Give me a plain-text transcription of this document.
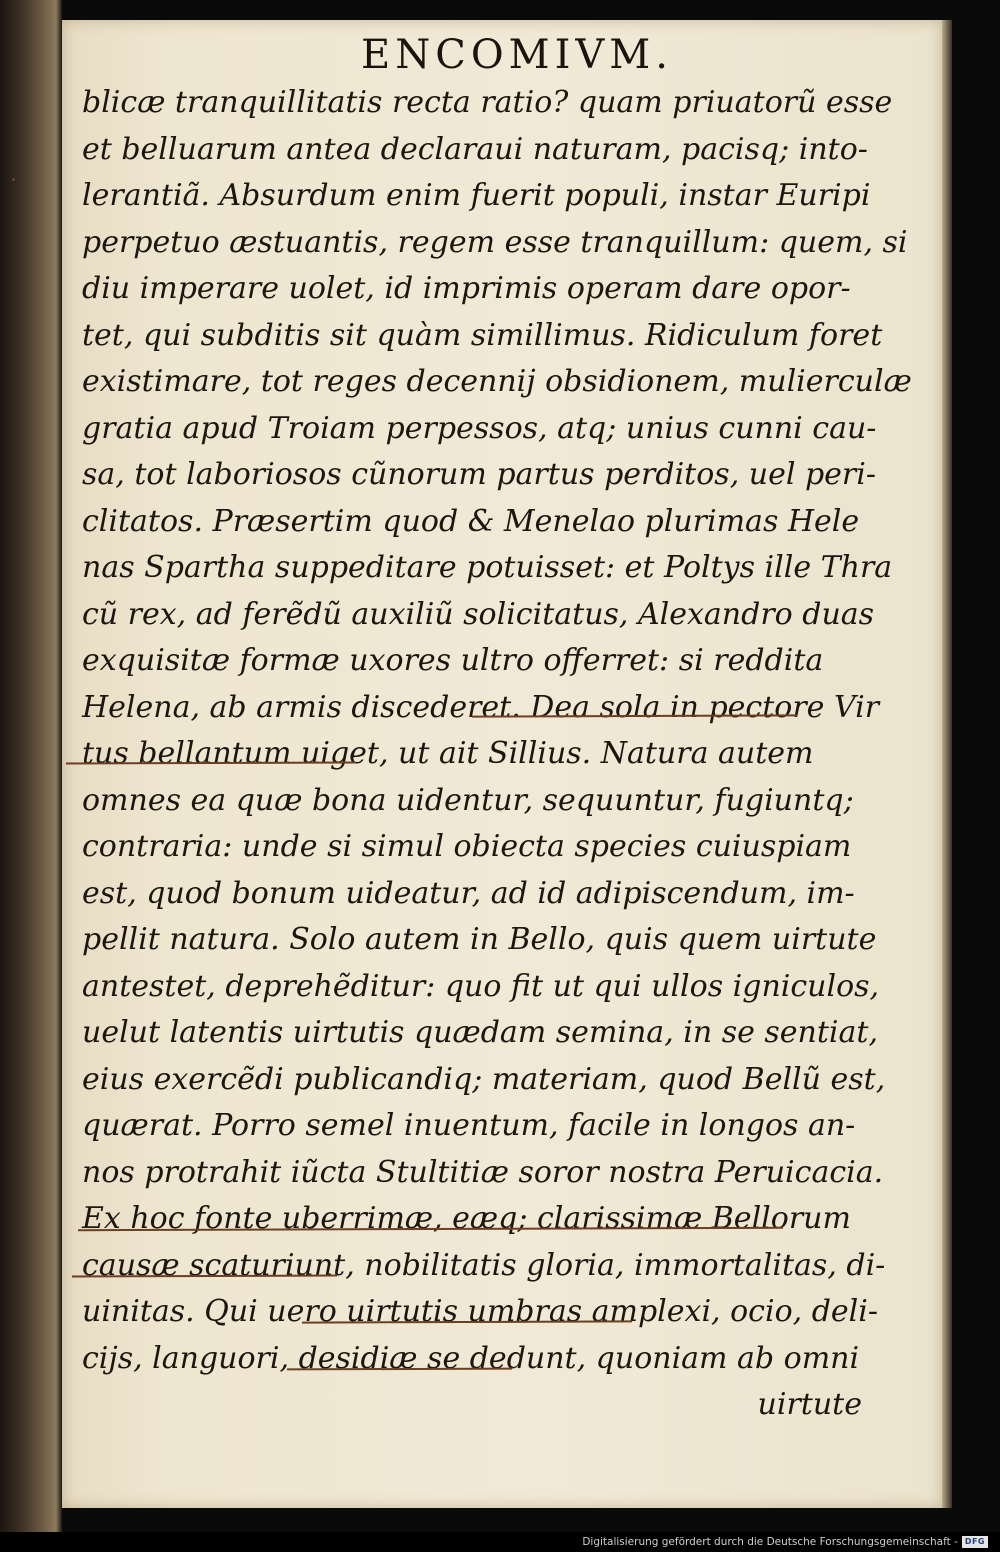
ENCOMIVM.
blicæ tranquillitatis recta ratio? quam priuatorũ esse
et belluarum antea declaraui naturam, pacisq; into-
lerantiã. Absurdum enim fuerit populi, instar Euripi
perpetuo æstuantis, regem esse tranquillum: quem, si
diu imperare uolet, id imprimis operam dare opor-
tet, qui subditis sit quàm simillimus. Ridiculum foret
existimare, tot reges decennij obsidionem, mulierculæ
gratia apud Troiam perpessos, atq; unius cunni cau-
sa, tot laboriosos cũnorum partus perditos, uel peri-
clitatos. Præsertim quod & Menelao plurimas Hele
nas Spartha suppeditare potuisset: et Poltys ille Thra
cũ rex, ad ferẽdũ auxiliũ solicitatus, Alexandro duas
exquisitæ formæ uxores ultro offerret: si reddita
Helena, ab armis discederet. Dea sola in pectore Vir
tus bellantum uiget, ut ait Sillius. Natura autem
omnes ea quæ bona uidentur, sequuntur, fugiuntq;
contraria: unde si simul obiecta species cuiuspiam
est, quod bonum uideatur, ad id adipiscendum, im-
pellit natura. Solo autem in Bello, quis quem uirtute
antestet, deprehẽditur: quo fit ut qui ullos igniculos,
uelut latentis uirtutis quædam semina, in se sentiat,
eius exercẽdi publicandiq; materiam, quod Bellũ est,
quærat. Porro semel inuentum, facile in longos an-
nos protrahit iũcta Stultitiæ soror nostra Peruicacia.
Ex hoc fonte uberrimæ, eæq; clarissimæ Bellorum
causæ scaturiunt, nobilitatis gloria, immortalitas, di-
uinitas. Qui uero uirtutis umbras amplexi, ocio, deli-
cijs, languori, desidiæ se dedunt, quoniam ab omni
uirtute
Digitalisierung gefördert durch die Deutsche Forschungsgemeinschaft - DFG
